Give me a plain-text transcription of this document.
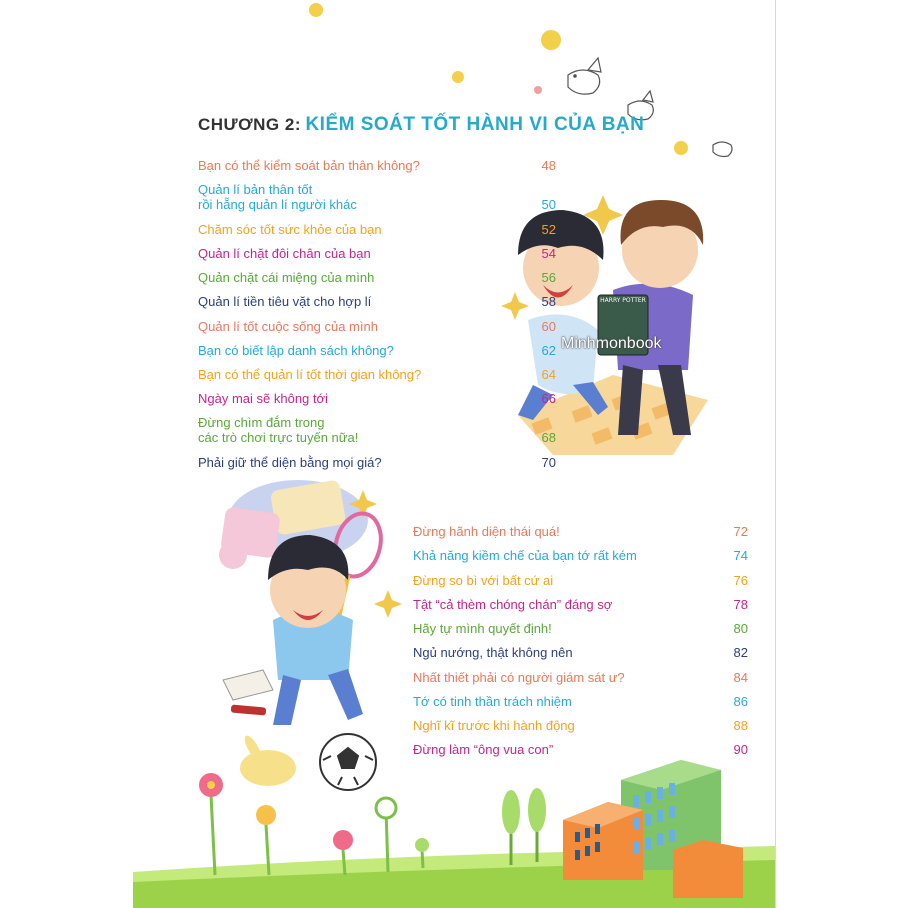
HARRY POTTER
CHƯƠNG 2: KIỂM SOÁT TỐT HÀNH VI CỦA BẠN
Minhmonbook
Bạn có thể kiểm soát bản thân không?	48
Quản lí bản thân tốt
rồi hẵng quản lí người khác	50
Chăm sóc tốt sức khỏe của bạn	52
Quản lí chặt đôi chân của bạn	54
Quản chặt cái miệng của mình	56
Quản lí tiền tiêu vặt cho hợp lí	58
Quản lí tốt cuộc sống của mình	60
Bạn có biết lập danh sách không?	62
Bạn có thể quản lí tốt thời gian không?	64
Ngày mai sẽ không tới	66
Đừng chìm đắm trong
các trò chơi trực tuyến nữa!	68
Phải giữ thể diện bằng mọi giá?	70
Đừng hãnh diện thái quá!	72
Khả năng kiềm chế của bạn tớ rất kém	74
Đừng so bì với bất cứ ai	76
Tật “cả thèm chóng chán” đáng sợ	78
Hãy tự mình quyết định!	80
Ngủ nướng, thật không nên	82
Nhất thiết phải có người giám sát ư?	84
Tớ có tinh thần trách nhiệm	86
Nghĩ kĩ trước khi hành động	88
Đừng làm “ông vua con”	90
